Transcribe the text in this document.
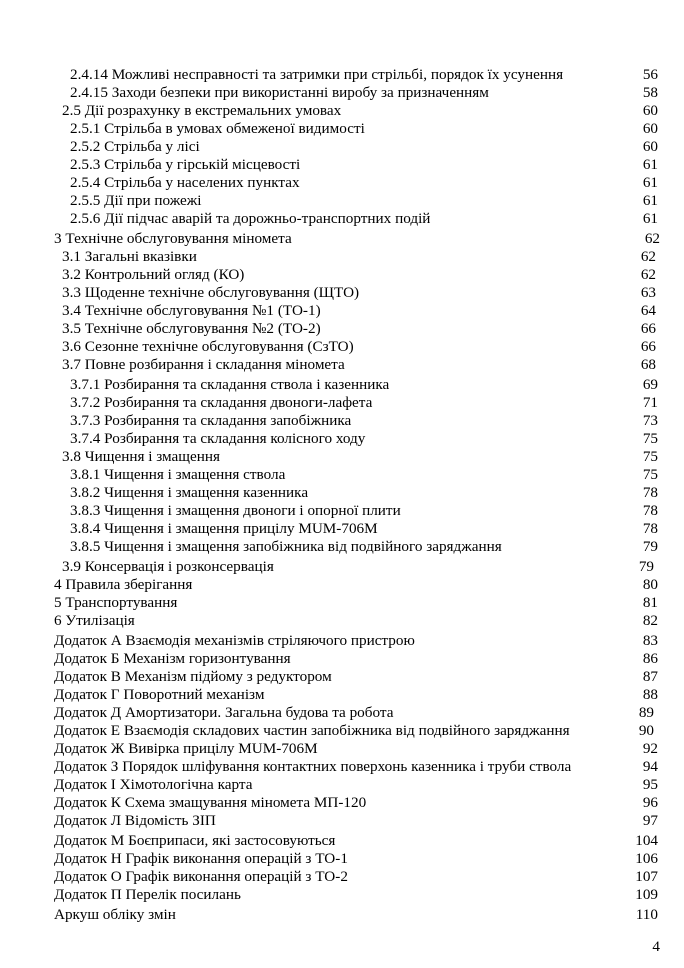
2.4.14 Можливі несправності та затримки при стрільбі, порядок їх усунення	56
2.4.15 Заходи безпеки при використанні виробу за призначенням	58
2.5 Дії розрахунку в екстремальних умовах	60
2.5.1 Стрільба в умовах обмеженої видимості	60
2.5.2 Стрільба у лісі	60
2.5.3 Стрільба у гірській місцевості	61
2.5.4 Стрільба у населених пунктах	61
2.5.5 Дії при пожежі	61
2.5.6 Дії підчас аварій та дорожньо-транспортних подій	61
3 Технічне обслуговування міномета	62
3.1 Загальні вказівки	62
3.2 Контрольний огляд (КО)	62
3.3 Щоденне технічне обслуговування (ЩТО)	63
3.4 Технічне обслуговування №1 (ТО-1)	64
3.5 Технічне обслуговування №2 (ТО-2)	66
3.6 Сезонне технічне обслуговування (СзТО)	66
3.7 Повне розбирання і складання міномета	68
3.7.1 Розбирання та складання ствола і казенника	69
3.7.2 Розбирання та складання двоноги-лафета	71
3.7.3 Розбирання та складання запобіжника	73
3.7.4 Розбирання та складання колісного ходу	75
3.8 Чищення і змащення	75
3.8.1 Чищення і змащення ствола	75
3.8.2 Чищення і змащення казенника	78
3.8.3 Чищення і змащення двоноги і опорної плити	78
3.8.4 Чищення і змащення прицілу MUM-706M	78
3.8.5 Чищення і змащення запобіжника від подвійного заряджання	79
3.9 Консервація і розконсервація	79
4 Правила зберігання	80
5 Транспортування	81
6 Утилізація	82
Додаток А Взаємодія механізмів стріляючого пристрою	83
Додаток Б Механізм горизонтування	86
Додаток В Механізм підйому з редуктором	87
Додаток Г Поворотний механізм	88
Додаток Д Амортизатори. Загальна будова та робота	89
Додаток Е Взаємодія складових частин запобіжника від подвійного заряджання	90
Додаток Ж Вивірка прицілу MUM-706M	92
Додаток З Порядок шліфування контактних поверхонь казенника і труби ствола	94
Додаток І Хімотологічна карта	95
Додаток К Схема змащування міномета МП-120	96
Додаток Л Відомість ЗІП	97
Додаток М Боєприпаси, які застосовуються	104
Додаток Н Графік виконання операцій з ТО-1	106
Додаток О Графік виконання операцій з ТО-2	107
Додаток П Перелік посилань	109
Аркуш обліку змін	110
4
